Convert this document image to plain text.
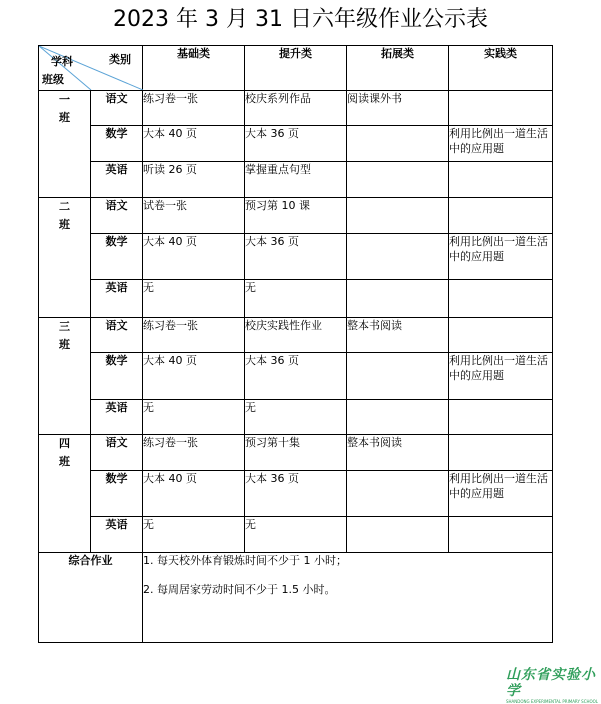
2023 年 3 月 31 日六年级作业公示表
类别
学科
班级		基础类	提升类	拓展类	实践类
一班	语文	练习卷一张	校庆系列作品	阅读课外书	

	数学	大本 40 页	大本 36 页		利用比例出一道生活中的应用题
	英语	听读 26 页	掌握重点句型		

二班	语文	试卷一张	预习第 10 课		

	数学	大本 40 页	大本 36 页		利用比例出一道生活中的应用题
	英语	无	无		

三班	语文	练习卷一张	校庆实践性作业	整本书阅读	

	数学	大本 40 页	大本 36 页		利用比例出一道生活中的应用题
	英语	无	无		

四班	语文	练习卷一张	预习第十集	整本书阅读	

	数学	大本 40 页	大本 36 页		利用比例出一道生活中的应用题
	英语	无	无		

综合作业		1. 每天校外体育锻炼时间不少于 1 小时；

2. 每周居家劳动时间不少于 1.5 小时。			

山东省实验小学
SHANDONG EXPERIMENTAL PRIMARY SCHOOL
